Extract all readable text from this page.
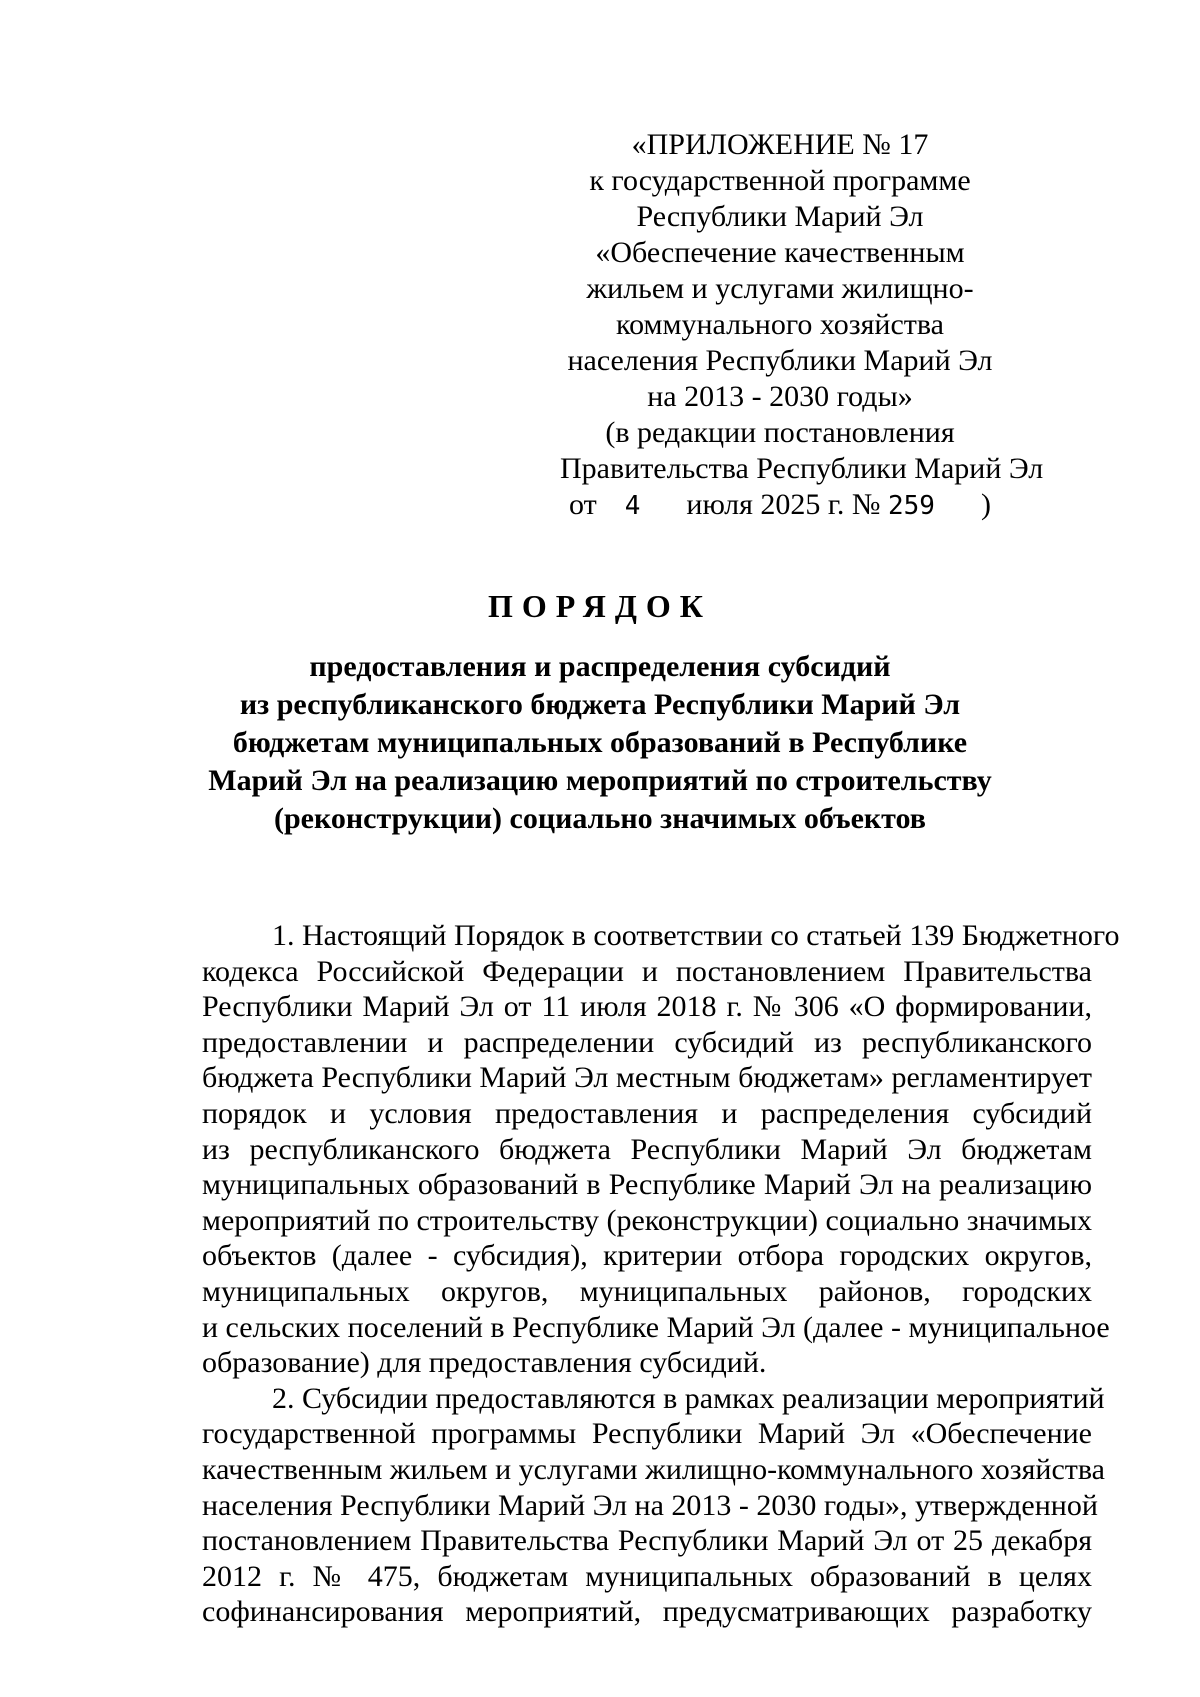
«ПРИЛОЖЕНИЕ № 17
к государственной программе
Республики Марий Эл
«Обеспечение качественным
жильем и услугами жилищно-
коммунального хозяйства
населения Республики Марий Эл
на 2013 - 2030 годы»
(в редакции постановления
Правительства Республики Марий Эл
от 4 июля 2025 г. № 259 )
ПОРЯДОК
предоставления и распределения субсидий
из республиканского бюджета Республики Марий Эл
бюджетам муниципальных образований в Республике
Марий Эл на реализацию мероприятий по строительству
(реконструкции) социально значимых объектов
1. Настоящий Порядок в соответствии со статьей 139 Бюджетного
кодекса Российской Федерации и постановлением Правительства
Республики Марий Эл от 11 июля 2018 г. № 306 «О формировании,
предоставлении и распределении субсидий из республиканского
бюджета Республики Марий Эл местным бюджетам» регламентирует
порядок и условия предоставления и распределения субсидий
из республиканского бюджета Республики Марий Эл бюджетам
муниципальных образований в Республике Марий Эл на реализацию
мероприятий по строительству (реконструкции) социально значимых
объектов (далее - субсидия), критерии отбора городских округов,
муниципальных округов, муниципальных районов, городских
и сельских поселений в Республике Марий Эл (далее - муниципальное
образование) для предоставления субсидий.
2. Субсидии предоставляются в рамках реализации мероприятий
государственной программы Республики Марий Эл «Обеспечение
качественным жильем и услугами жилищно-коммунального хозяйства
населения Республики Марий Эл на 2013 - 2030 годы», утвержденной
постановлением Правительства Республики Марий Эл от 25 декабря
2012 г. № 475, бюджетам муниципальных образований в целях
софинансирования мероприятий, предусматривающих разработку
